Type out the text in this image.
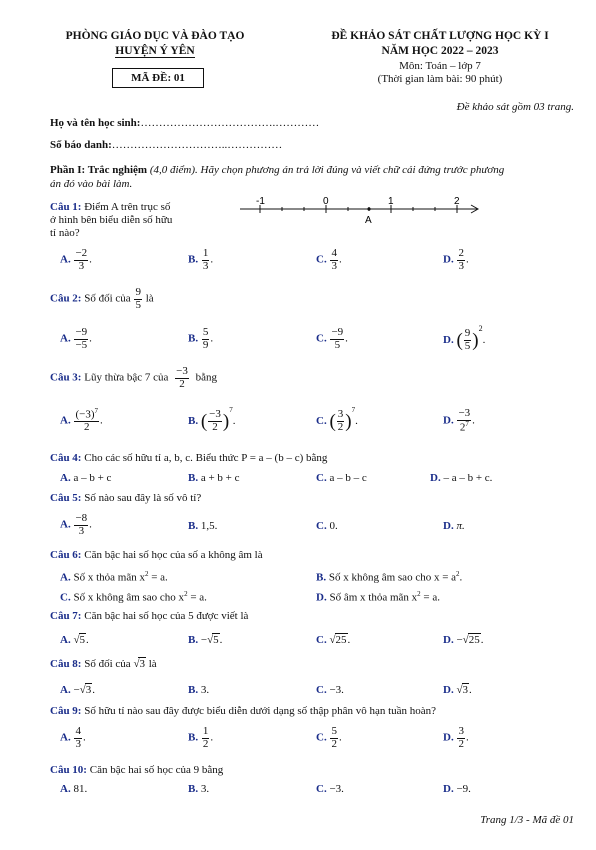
PHÒNG GIÁO DỤC VÀ ĐÀO TẠO
HUYỆN Ý YÊN
MÃ ĐỀ: 01
ĐỀ KHẢO SÁT CHẤT LƯỢNG HỌC KỲ I
NĂM HỌC 2022 – 2023
Môn: Toán – lớp 7
(Thời gian làm bài: 90 phút)
Đề khảo sát gồm 03 trang.
Họ và tên học sinh:……………………………….…………
Số báo danh:…………………………..……………
Phần I: Trắc nghiệm (4,0 điểm). Hãy chọn phương án trả lời đúng và viết chữ cái đứng trước phương
án đó vào bài làm.
Câu 1: Điểm A trên trục số
ở hình bên biểu diễn số hữu
tỉ nào?
-1	0	1	2
A
A. $\frac{-2}{3}$ .	B. $\frac{1}{3}$ .	C. $\frac{4}{3}$ .	D. $\frac{2}{3}$ .
Câu 2: Số đối của $\frac{9}{5}$ là
A. $\frac{-9}{-5}$ .	B. $\frac{5}{9}$ .	C. $\frac{-9}{5}$ .	D. ( $\frac{9}{5} )^2$.
Câu 3: Lũy thừa bậc 7 của $\frac{-3}{2}$ bằng
A. $\frac{(-3)^7}{2}$ .	B. ( $\frac{-3}{2} )^7$.	C. ( $\frac{3}{2} )^7$.	D. $\frac{-3}{2^7}$ .
Câu 4: Cho các số hữu tỉ a, b, c. Biểu thức P = a – (b – c) bằng
A. a – b + c	B. a + b + c	C. a – b – c	D. – a – b + c.
Câu 5: Số nào sau đây là số vô tỉ?
A. $\frac{-8}{3}$ .	B. 1,5.	C. 0.	D. π.
Câu 6: Căn bậc hai số học của số a không âm là
A. Số x thỏa mãn $x^2 = a$.	B. Số x không âm sao cho $x = a^2$.
C. Số x không âm sao cho $x^2 = a$.	D. Số âm x thỏa mãn $x^2 = a$.
Câu 7: Căn bậc hai số học của 5 được viết là
A. √5.	B. −√5.	C. √25.	D. −√25.
Câu 8: Số đối của √3 là
A. −√3.	B. 3.	C. −3.	D. √3.
Câu 9: Số hữu tỉ nào sau đây được biểu diễn dưới dạng số thập phân vô hạn tuần hoàn?
A. $\frac{4}{3}$ .	B. $\frac{1}{2}$ .	C. $\frac{5}{2}$ .	D. $\frac{3}{2}$ .
Câu 10: Căn bậc hai số học của 9 bằng
A. 81.	B. 3.	C. −3.	D. −9.
Trang 1/3 - Mã đề 01
